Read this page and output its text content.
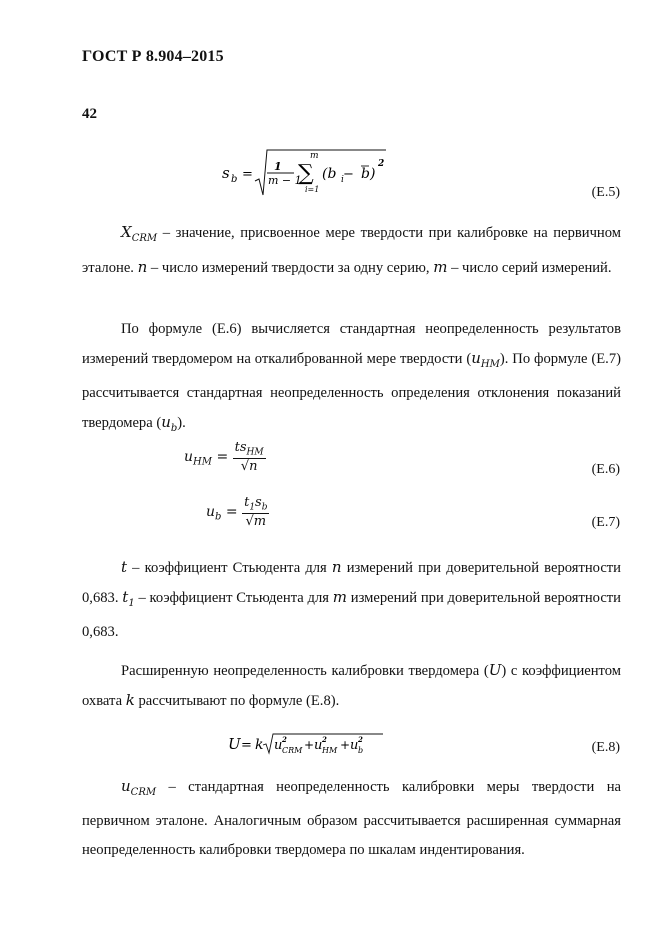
ГОСТ Р 8.904–2015
42
s b =
1
m − 1
m
∑
i=1
(b i − b )
2
(Е.5)

$X_{CRM}$ – значение, присвоенное мере твердости при калибровке на первичном эталоне. n – число измерений твердости за одну серию, m – число серий измерений.

По формуле (Е.6) вычисляется стандартная неопределенность результатов измерений твердомером на откалиброванной мере твердости $(u_{HM})$. По формуле (Е.7) рассчитывается стандартная неопределенность определения отклонения показаний твердомера $(u_b)$.

$u_{HM} = \frac{ts_{HM}}{√n}$	(Е.6)
$u_b = \frac{t_1s_b}{√m}$	(Е.7)

t – коэффициент Стьюдента для n измерений при доверительной вероятности 0,683. $t_1$ – коэффициент Стьюдента для m измерений при доверительной вероятности 0,683.

Расширенную неопределенность калибровки твердомера (U) с коэффициентом охвата k рассчитывают по формуле (Е.8).

U = k u 2
CRM + u 2
HM + u 2
b	(Е.8)

$u_{CRM}$ – стандартная неопределенность калибровки меры твердости на первичном эталоне. Аналогичным образом рассчитывается расширенная суммарная неопределенность калибровки твердомера по шкалам индентирования.
